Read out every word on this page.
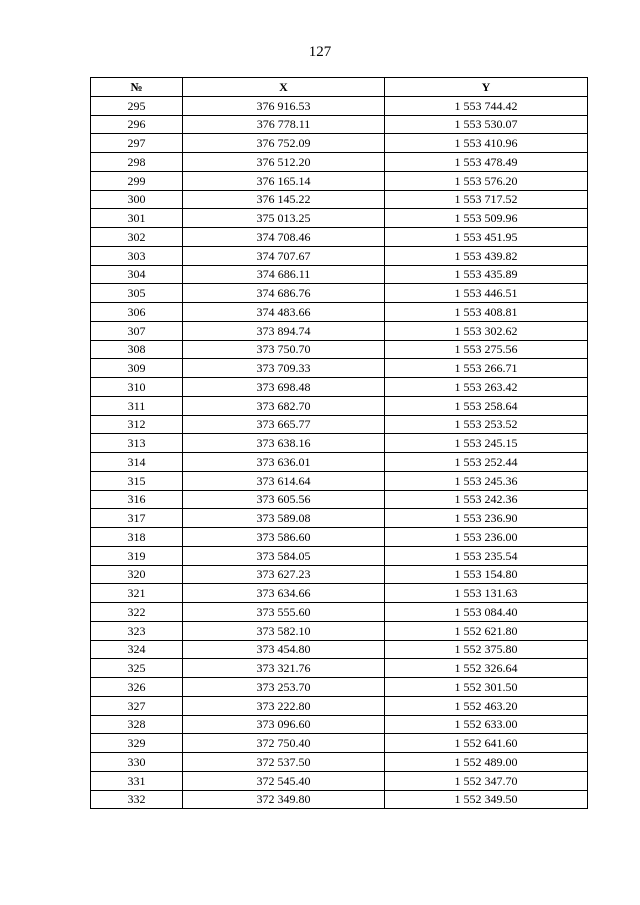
127
№	X	Y
295	376 916.53	1 553 744.42
296	376 778.11	1 553 530.07
297	376 752.09	1 553 410.96
298	376 512.20	1 553 478.49
299	376 165.14	1 553 576.20
300	376 145.22	1 553 717.52
301	375 013.25	1 553 509.96
302	374 708.46	1 553 451.95
303	374 707.67	1 553 439.82
304	374 686.11	1 553 435.89
305	374 686.76	1 553 446.51
306	374 483.66	1 553 408.81
307	373 894.74	1 553 302.62
308	373 750.70	1 553 275.56
309	373 709.33	1 553 266.71
310	373 698.48	1 553 263.42
311	373 682.70	1 553 258.64
312	373 665.77	1 553 253.52
313	373 638.16	1 553 245.15
314	373 636.01	1 553 252.44
315	373 614.64	1 553 245.36
316	373 605.56	1 553 242.36
317	373 589.08	1 553 236.90
318	373 586.60	1 553 236.00
319	373 584.05	1 553 235.54
320	373 627.23	1 553 154.80
321	373 634.66	1 553 131.63
322	373 555.60	1 553 084.40
323	373 582.10	1 552 621.80
324	373 454.80	1 552 375.80
325	373 321.76	1 552 326.64
326	373 253.70	1 552 301.50
327	373 222.80	1 552 463.20
328	373 096.60	1 552 633.00
329	372 750.40	1 552 641.60
330	372 537.50	1 552 489.00
331	372 545.40	1 552 347.70
332	372 349.80	1 552 349.50
